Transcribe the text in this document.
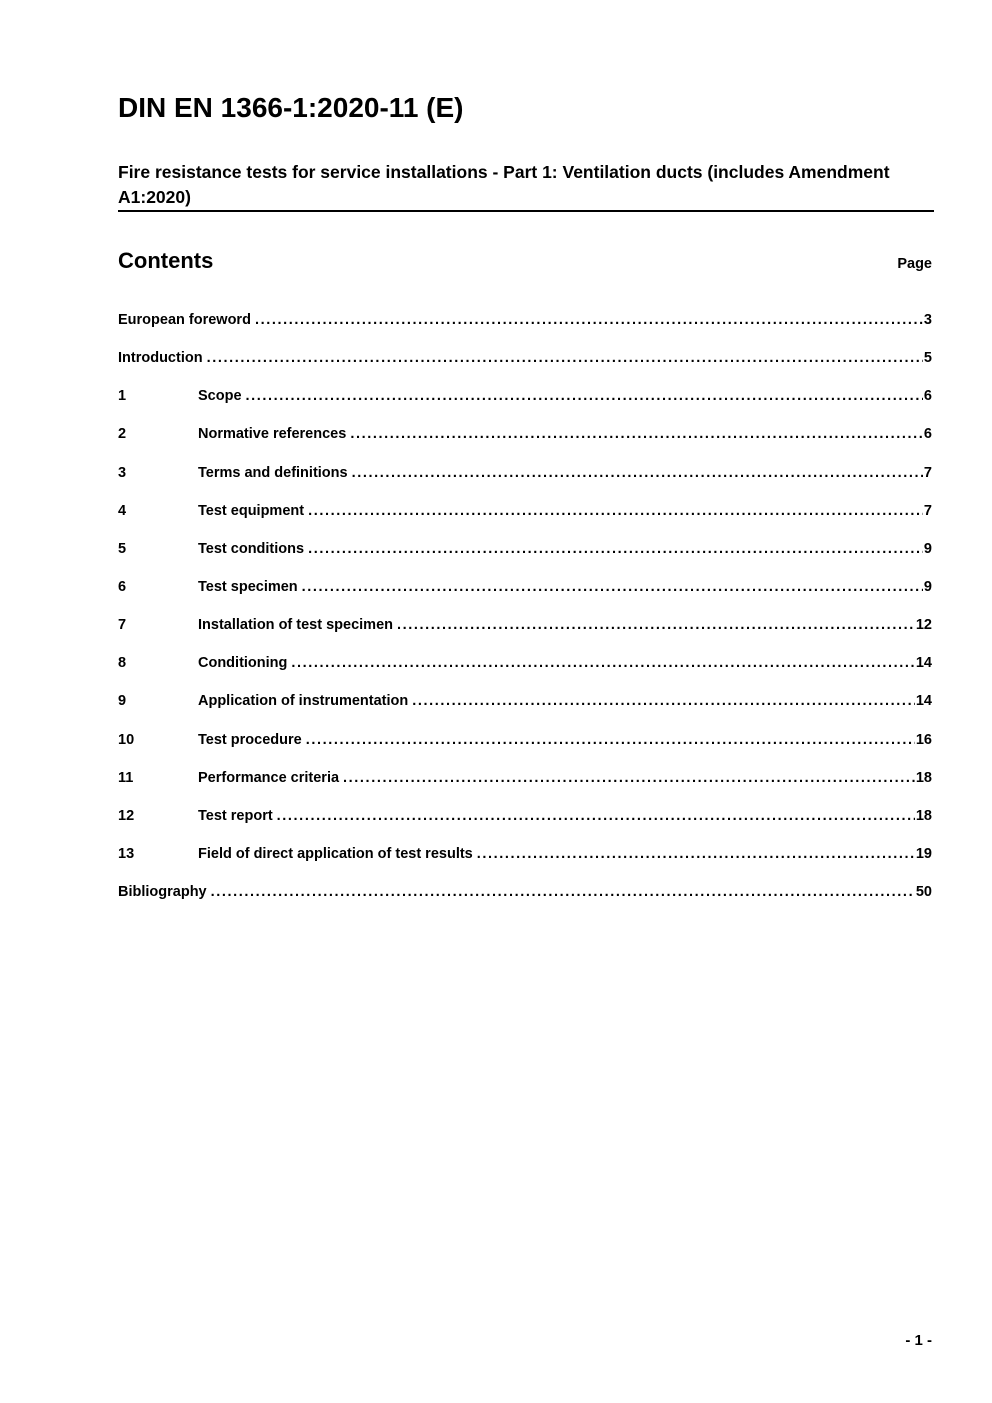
DIN EN 1366-1:2020-11 (E)
Fire resistance tests for service installations - Part 1: Ventilation ducts (includes Amendment A1:2020)
Contents	Page
European foreword .....	3
Introduction .....	5
1	Scope .....	6
2	Normative references .....	6
3	Terms and definitions .....	7
4	Test equipment .....	7
5	Test conditions .....	9
6	Test specimen .....	9
7	Installation of test specimen .....	12
8	Conditioning .....	14
9	Application of instrumentation .....	14
10	Test procedure .....	16
11	Performance criteria .....	18
12	Test report .....	18
13	Field of direct application of test results .....	19
Bibliography .....	50
- 1 -
